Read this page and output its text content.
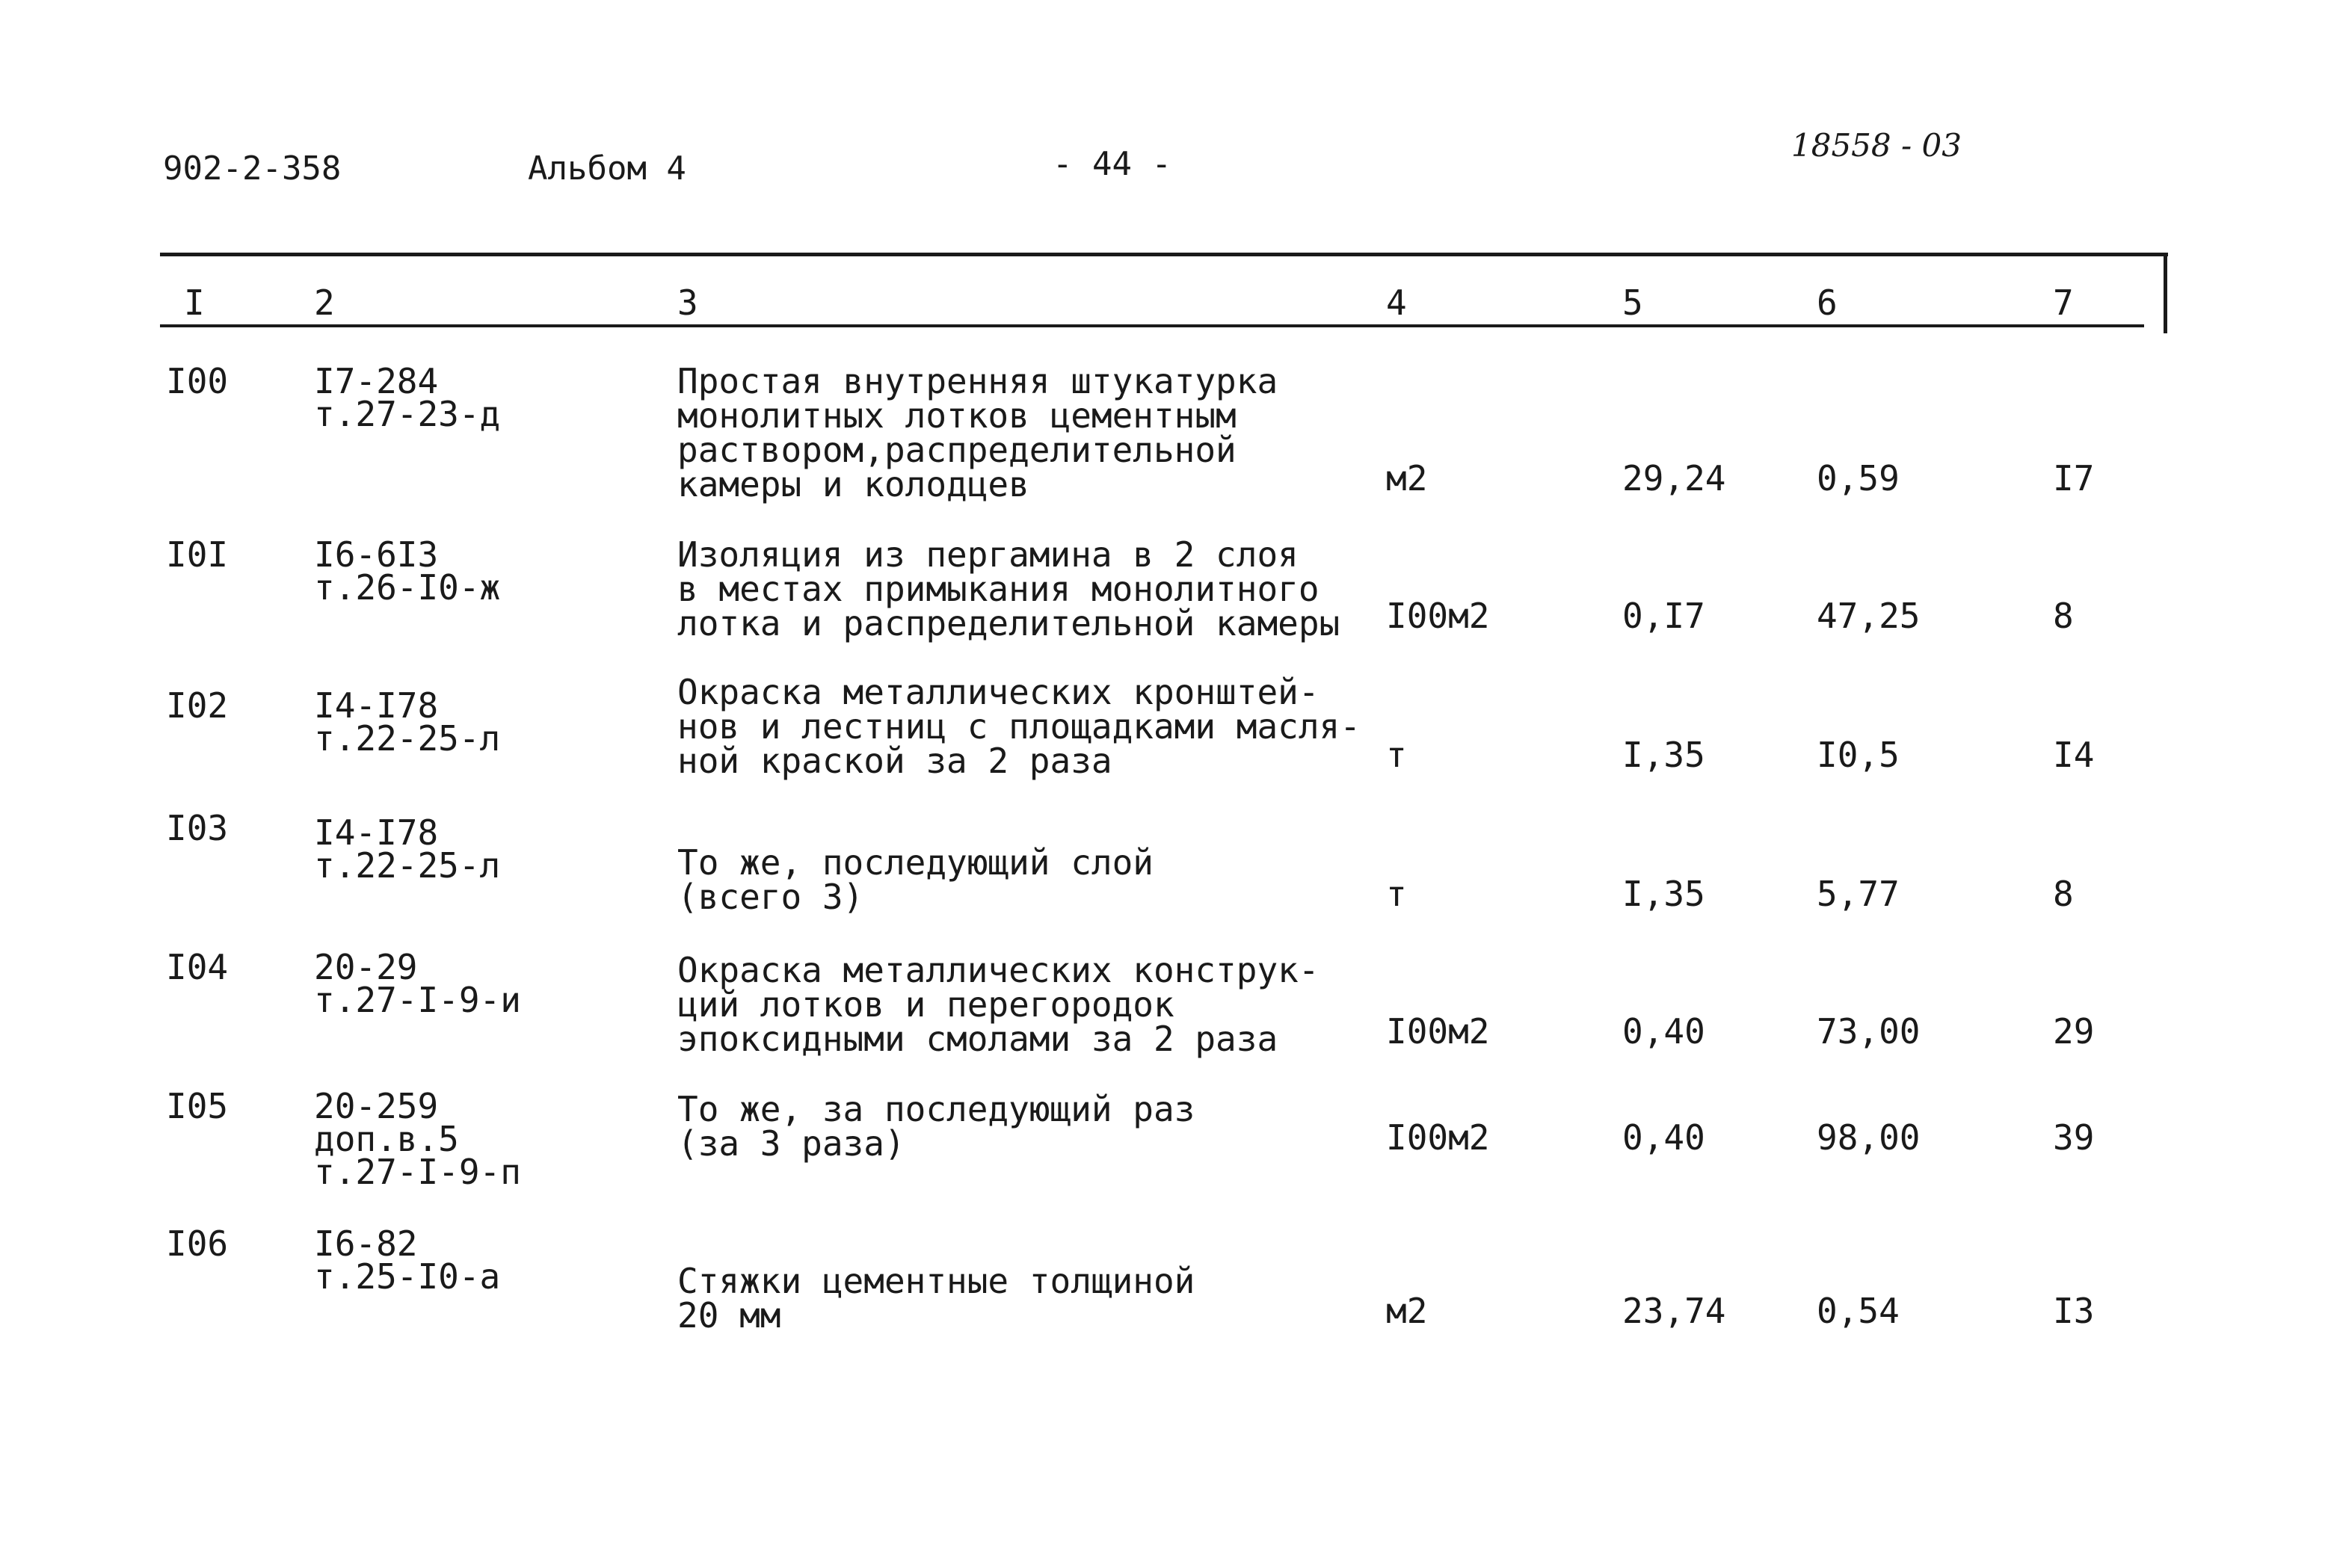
902-2-358	Альбом 4	- 44 -	18558 - 03
I	2	3	4	5	6	7
I00 I7-284
т.27-23-д
Простая внутренняя штукатурка
монолитных лотков цементным
раствором,распределительной
камеры и колодцев	м2	29,24	0,59	I7
I0I I6-6I3
т.26-I0-ж
Изоляция из пергамина в 2 слоя
в местах примыкания монолитного
лотка и распределительной камеры I00м2	0,I7	47,25	8
I02 I4-I78
т.22-25-л
Окраска металлических кронштей-
нов и лестниц с площадками масля-
ной краской за 2 раза	т	I,35	I0,5	I4
I03 I4-I78
т.22-25-л	То же, последующий слой
(всего 3)	т	I,35	5,77	8
I04 20-29
т.27-I-9-и
Окраска металлических конструк-
ций лотков и перегородок
эпоксидными смолами за 2 раза	I00м2	0,40	73,00	29
I05 20-259
доп.в.5
т.27-I-9-п
То же, за последующий раз
(за 3 раза)	I00м2	0,40	98,00	39
I06 I6-82
т.25-I0-а	Стяжки цементные толщиной
20 мм	м2	23,74	0,54	I3
